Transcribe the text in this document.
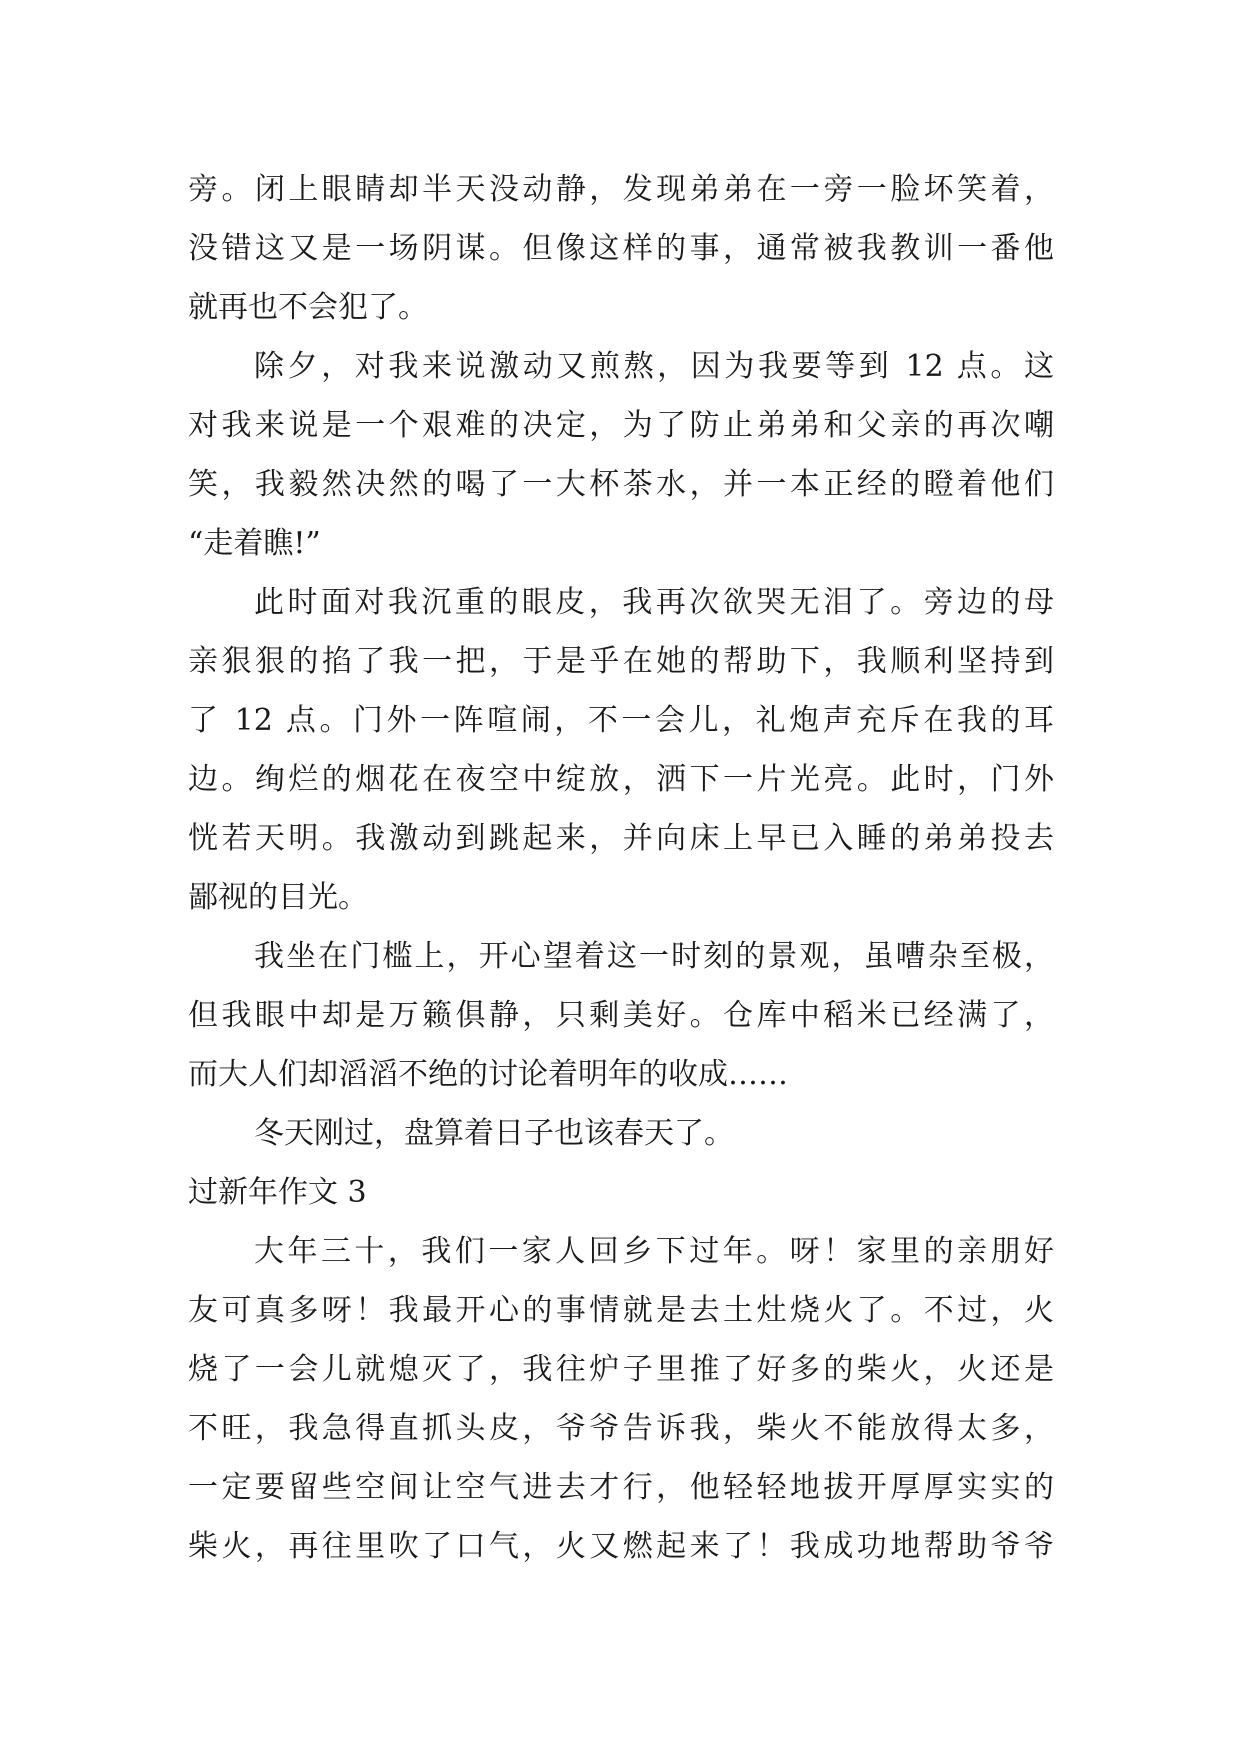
旁。闭上眼睛却半天没动静，发现弟弟在一旁一脸坏笑着，
没错这又是一场阴谋。但像这样的事，通常被我教训一番他
就再也不会犯了。
除夕，对我来说激动又煎熬，因为我要等到 12 点。这
对我来说是一个艰难的决定，为了防止弟弟和父亲的再次嘲
笑，我毅然决然的喝了一大杯茶水，并一本正经的瞪着他们
“走着瞧!”
此时面对我沉重的眼皮，我再次欲哭无泪了。旁边的母
亲狠狠的掐了我一把，于是乎在她的帮助下，我顺利坚持到
了 12 点。门外一阵喧闹，不一会儿，礼炮声充斥在我的耳
边。绚烂的烟花在夜空中绽放，洒下一片光亮。此时，门外
恍若天明。我激动到跳起来，并向床上早已入睡的弟弟投去
鄙视的目光。
我坐在门槛上，开心望着这一时刻的景观，虽嘈杂至极，
但我眼中却是万籁俱静，只剩美好。仓库中稻米已经满了，
而大人们却滔滔不绝的讨论着明年的收成……
冬天刚过，盘算着日子也该春天了。
过新年作文 3
大年三十，我们一家人回乡下过年。呀！家里的亲朋好
友可真多呀！我最开心的事情就是去土灶烧火了。不过，火
烧了一会儿就熄灭了，我往炉子里推了好多的柴火，火还是
不旺，我急得直抓头皮，爷爷告诉我，柴火不能放得太多，
一定要留些空间让空气进去才行，他轻轻地拔开厚厚实实的
柴火，再往里吹了口气，火又燃起来了！我成功地帮助爷爷
